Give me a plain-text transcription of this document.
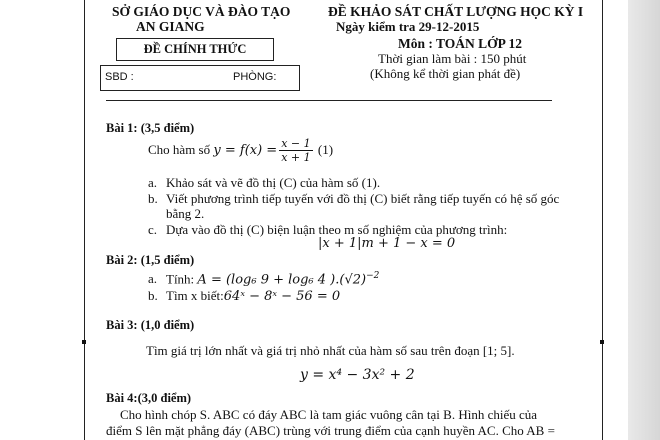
SỞ GIÁO DỤC VÀ ĐÀO TẠO
AN GIANG
ĐỀ CHÍNH THỨC
SBD :	PHÒNG:
ĐỀ KHẢO SÁT CHẤT LƯỢNG HỌC KỲ I
Ngày kiểm tra 29-12-2015
Môn : TOÁN LỚP 12
Thời gian làm bài : 150 phút
(Không kể thời gian phát đề)
Bài 1: (3,5 điểm)
Cho hàm số
$y = f(x) = \frac{x - 1}{x + 1}$
(1)
a. Khảo sát và vẽ đồ thị (C) của hàm số (1).
b. Viết phương trình tiếp tuyến với đồ thị (C) biết rằng tiếp tuyến có hệ số góc
bằng 2.
c. Dựa vào đồ thị (C) biện luận theo m số nghiệm của phương trình:
|x + 1|m + 1 − x = 0
Bài 2: (1,5 điểm)
a. Tính: A = (log₆ 9 + log₆ 4 )$.(√2)^{-2}$
b. Tìm x biết:64ˣ − 8ˣ − 56 = 0
Bài 3: (1,0 điểm)
Tìm giá trị lớn nhất và giá trị nhỏ nhất của hàm số sau trên đoạn [1; 5].
y = x⁴ − 3x² + 2
Bài 4:(3,0 điểm)
Cho hình chóp S. ABC có đáy ABC là tam giác vuông cân tại B. Hình chiếu của
điểm S lên mặt phẳng đáy (ABC) trùng với trung điểm của cạnh huyền AC. Cho AB =
